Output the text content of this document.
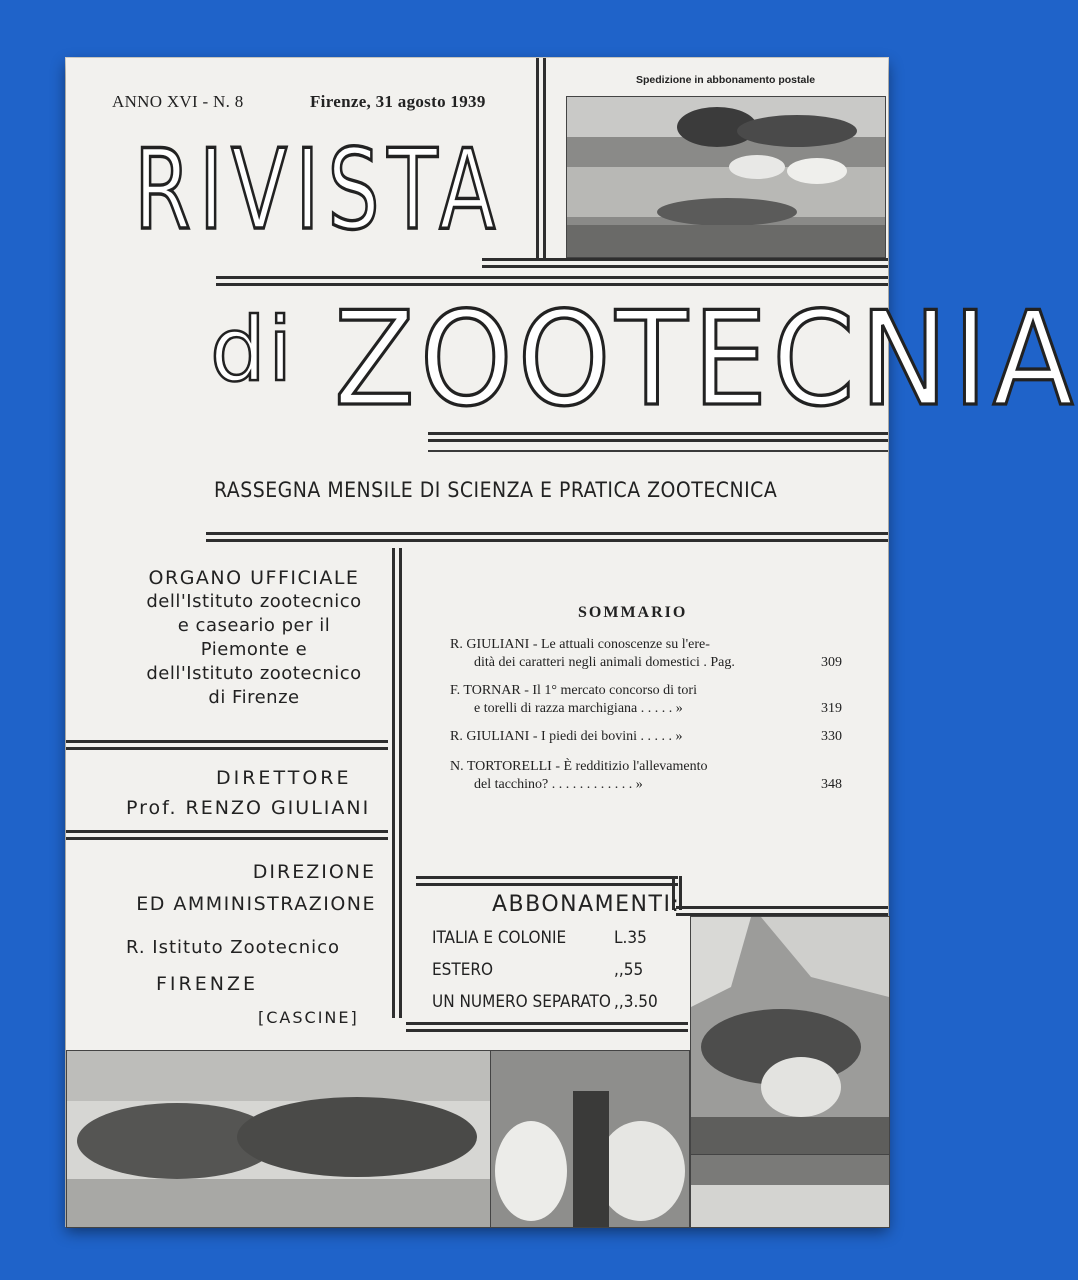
ANNO XVI - N. 8	Firenze, 31 agosto 1939
Spedizione in abbonamento postale
RIVISTA
di ZOOTECNIA
RASSEGNA MENSILE DI SCIENZA E PRATICA ZOOTECNICA
ORGANO UFFICIALE
dell'Istituto zootecnico
e caseario per il
Piemonte e
dell'Istituto zootecnico
di Firenze
DIRETTORE
Prof. RENZO GIULIANI
DIREZIONE
ED AMMINISTRAZIONE
R. Istituto Zootecnico
FIRENZE
[CASCINE]
SOMMARIO
R. GIULIANI - Le attuali conoscenze su l'ere-
dità dei caratteri negli animali domestici . Pag.	309
F. TORNAR - Il 1° mercato concorso di tori
e torelli di razza marchigiana . . . . . »	319
R. GIULIANI - I piedi dei bovini . . . . . »	330
N. TORTORELLI - È redditizio l'allevamento
del tacchino? . . . . . . . . . . . . »	348
ABBONAMENTI:
ITALIA E COLONIE	L.35
ESTERO	,,55
UN NUMERO SEPARATO ,,3.50
